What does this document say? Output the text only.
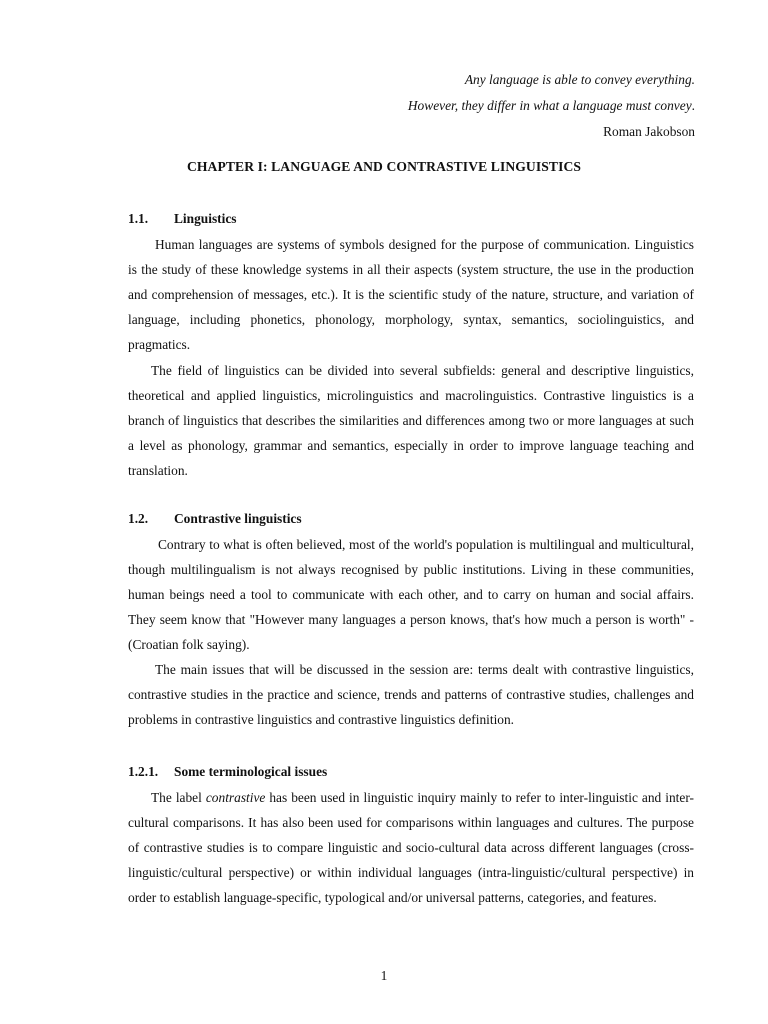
Any language is able to convey everything.
However, they differ in what a language must convey.
Roman Jakobson
CHAPTER I: LANGUAGE AND CONTRASTIVE LINGUISTICS
1.1. Linguistics

Human languages are systems of symbols designed for the purpose of communication. Linguistics is the study of these knowledge systems in all their aspects (system structure, the use in the production and comprehension of messages, etc.). It is the scientific study of the nature, structure, and variation of language, including phonetics, phonology, morphology, syntax, semantics, sociolinguistics, and pragmatics.

The field of linguistics can be divided into several subfields: general and descriptive linguistics, theoretical and applied linguistics, microlinguistics and macrolinguistics. Contrastive linguistics is a branch of linguistics that describes the similarities and differences among two or more languages at such a level as phonology, grammar and semantics, especially in order to improve language teaching and translation.

1.2. Contrastive linguistics

Contrary to what is often believed, most of the world's population is multilingual and multicultural, though multilingualism is not always recognised by public institutions. Living in these communities, human beings need a tool to communicate with each other, and to carry on human and social affairs. They seem know that "However many languages a person knows, that's how much a person is worth" - (Croatian folk saying).

The main issues that will be discussed in the session are: terms dealt with contrastive linguistics, contrastive studies in the practice and science, trends and patterns of contrastive studies, challenges and problems in contrastive linguistics and contrastive linguistics definition.

1.2.1. Some terminological issues

The label contrastive has been used in linguistic inquiry mainly to refer to inter-linguistic and inter-cultural comparisons. It has also been used for comparisons within languages and cultures. The purpose of contrastive studies is to compare linguistic and socio-cultural data across different languages (cross-linguistic/cultural perspective) or within individual languages (intra-linguistic/cultural perspective) in order to establish language-specific, typological and/or universal patterns, categories, and features.

1
